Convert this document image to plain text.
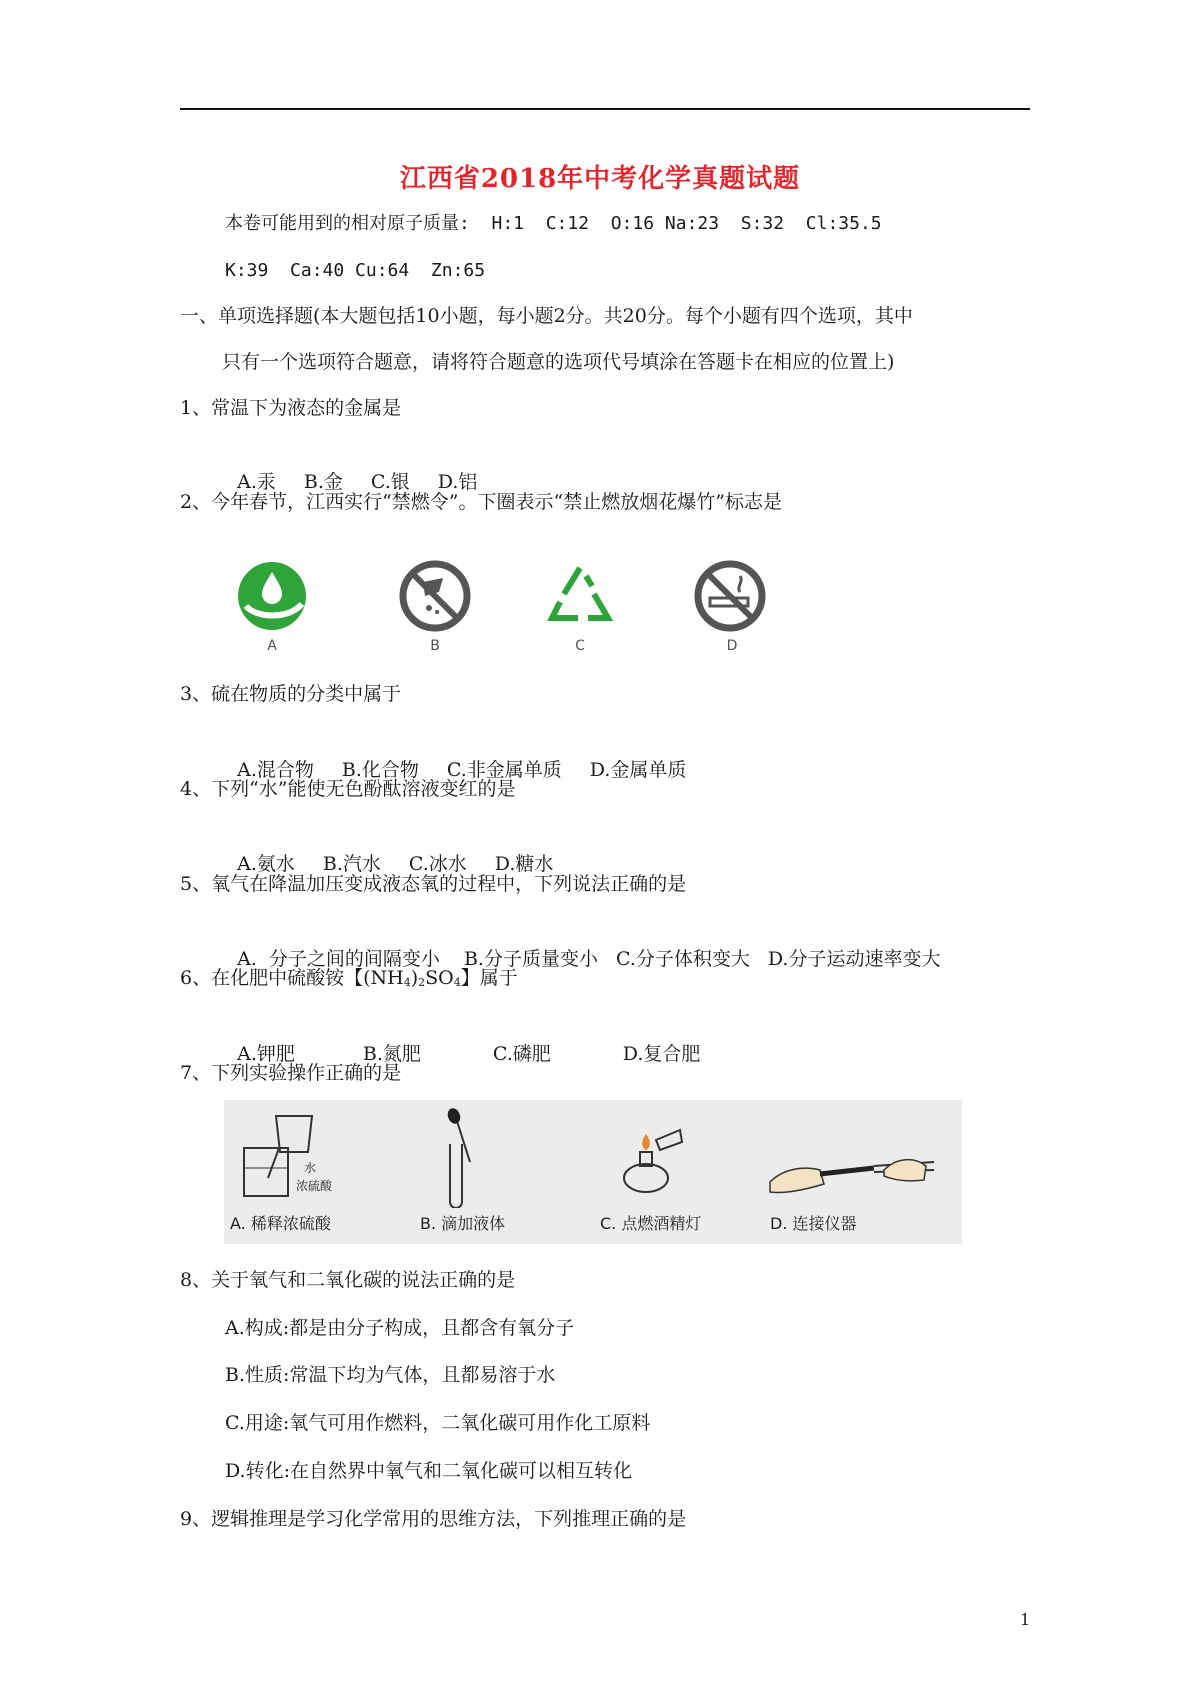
江西省2018年中考化学真题试题
本卷可能用到的相对原子质量:  H:1  C:12  O:16 Na:23  S:32  Cl:35.5
K:39  Ca:40 Cu:64  Zn:65
一、单项选择题(本大题包括10小题，每小题2分。共20分。每个小题有四个选项，其中
只有一个选项符合题意，请将符合题意的选项代号填涂在答题卡在相应的位置上)
1、常温下为液态的金属是

A.汞 B.金 C.银 D.铝

2、今年春节，江西实行“禁燃令”。下圈表示“禁止燃放烟花爆竹”标志是
A	B	C	D
3、硫在物质的分类中属于

A.混合物 B.化合物 C.非金属单质 D.金属单质

4、下列“水”能使无色酚酞溶液变红的是

A.氨水 B.汽水 C.冰水 D.糖水

5、氧气在降温加压变成液态氧的过程中，下列说法正确的是

A.  分子之间的间隔变小 B.分子质量变小 C.分子体积变大 D.分子运动速率变大

6、在化肥中硫酸铵【(NH4)2SO4】属于

A.钾肥	B.氮肥	C.磷肥	D.复合肥

7、下列实验操作正确的是
水
浓硫酸
A. 稀释浓硫酸	B. 滴加液体	C. 点燃酒精灯	D. 连接仪器
8、关于氧气和二氧化碳的说法正确的是
A.构成:都是由分子构成，且都含有氧分子
B.性质:常温下均为气体，且都易溶于水
C.用途:氧气可用作燃料，二氧化碳可用作化工原料
D.转化:在自然界中氧气和二氧化碳可以相互转化
9、逻辑推理是学习化学常用的思维方法，下列推理正确的是
1
